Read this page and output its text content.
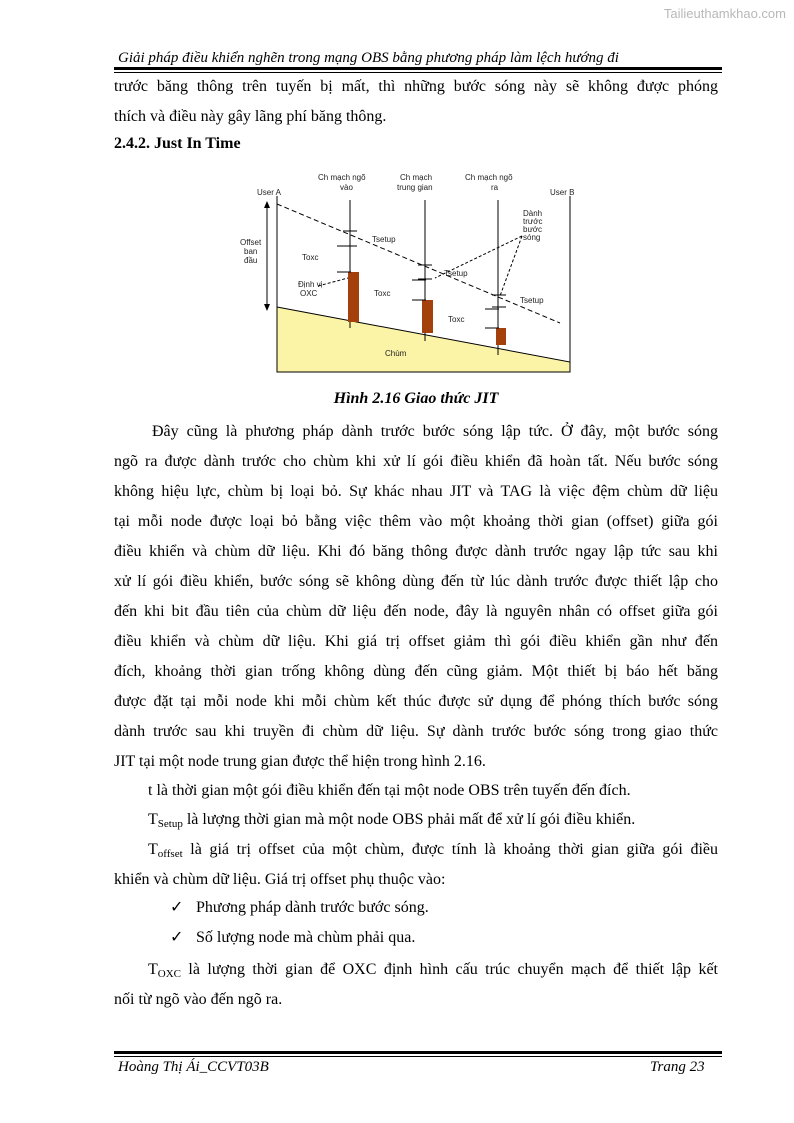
Tailieuthamkhao.com
Giải pháp điều khiển nghẽn trong mạng OBS bằng phương pháp làm lệch hướng đi
trước băng thông trên tuyến bị mất, thì những bước sóng này sẽ không được phóng
thích và điều này gây lãng phí băng thông.
2.4.2. Just In Time
User A	User B
Ch mạch ngõ
vào
Ch mạch
trung gian
Ch mạch ngõ
ra
Offset
ban
đầu
Dành
trước
bước
sóng
Tsetup
Tsetup
Tsetup
Toxc
Toxc
Toxc
Định vị
OXC
Chùm
Hình 2.16 Giao thức JIT
Đây cũng là phương pháp dành trước bước sóng lập tức. Ở đây, một bước sóng
ngõ ra được dành trước cho chùm khi xử lí gói điều khiển đã hoàn tất. Nếu bước sóng
không hiệu lực, chùm bị loại bỏ. Sự khác nhau JIT và TAG là việc đệm chùm dữ liệu
tại mỗi node được loại bỏ bằng việc thêm vào một khoảng thời gian (offset) giữa gói
điều khiển và chùm dữ liệu. Khi đó băng thông được dành trước ngay lập tức sau khi
xử lí gói điều khiển, bước sóng sẽ không dùng đến từ lúc dành trước được thiết lập cho
đến khi bit đầu tiên của chùm dữ liệu đến node, đây là nguyên nhân có offset giữa gói
điều khiển và chùm dữ liệu. Khi giá trị offset giảm thì gói điều khiển gần như đến
đích, khoảng thời gian trống không dùng đến cũng giảm. Một thiết bị báo hết băng
được đặt tại mỗi node khi mỗi chùm kết thúc được sử dụng để phóng thích bước sóng
dành trước sau khi truyền đi chùm dữ liệu. Sự dành trước bước sóng trong giao thức
JIT tại một node trung gian được thể hiện trong hình 2.16.
t là thời gian một gói điều khiển đến tại một node OBS trên tuyến đến đích.
$T_{Setup}$ là lượng thời gian mà một node OBS phải mất để xử lí gói điều khiển.
$T_{offset}$ là giá trị offset của một chùm, được tính là khoảng thời gian giữa gói điều
khiển và chùm dữ liệu. Giá trị offset phụ thuộc vào:
✓ Phương pháp dành trước bước sóng.
✓ Số lượng node mà chùm phải qua.
$T_{OXC}$ là lượng thời gian để OXC định hình cấu trúc chuyển mạch để thiết lập kết
nối từ ngõ vào đến ngõ ra.
Hoàng Thị Ái_CCVT03B	Trang 23
